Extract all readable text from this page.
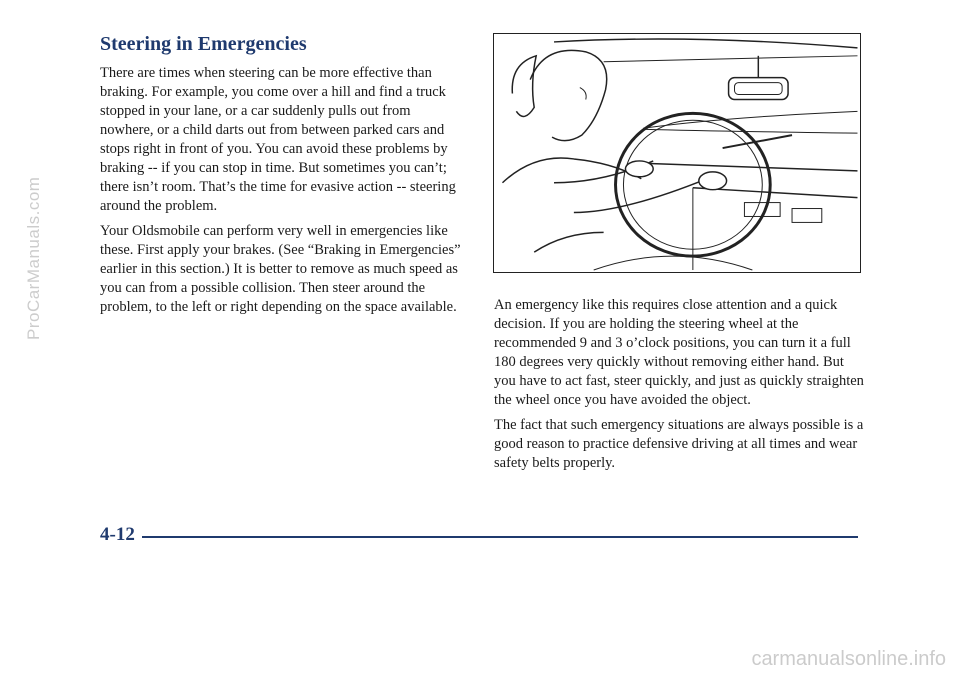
Steering in Emergencies

There are times when steering can be more effective than braking. For example, you come over a hill and find a truck stopped in your lane, or a car suddenly pulls out from nowhere, or a child darts out from between parked cars and stops right in front of you. You can avoid these problems by braking -- if you can stop in time. But sometimes you can’t; there isn’t room. That’s the time for evasive action -- steering around the problem.

Your Oldsmobile can perform very well in emergencies like these. First apply your brakes. (See “Braking in Emergencies” earlier in this section.) It is better to remove as much speed as you can from a possible collision. Then steer around the problem, to the left or right depending on the space available.	An emergency like this requires close attention and a quick decision. If you are holding the steering wheel at the recommended 9 and 3 o’clock positions, you can turn it a full 180 degrees very quickly without removing either hand. But you have to act fast, steer quickly, and just as quickly straighten the wheel once you have avoided the object.

The fact that such emergency situations are always possible is a good reason to practice defensive driving at all times and wear safety belts properly.

4-12
ProCarManuals.com
carmanualsonline.info
